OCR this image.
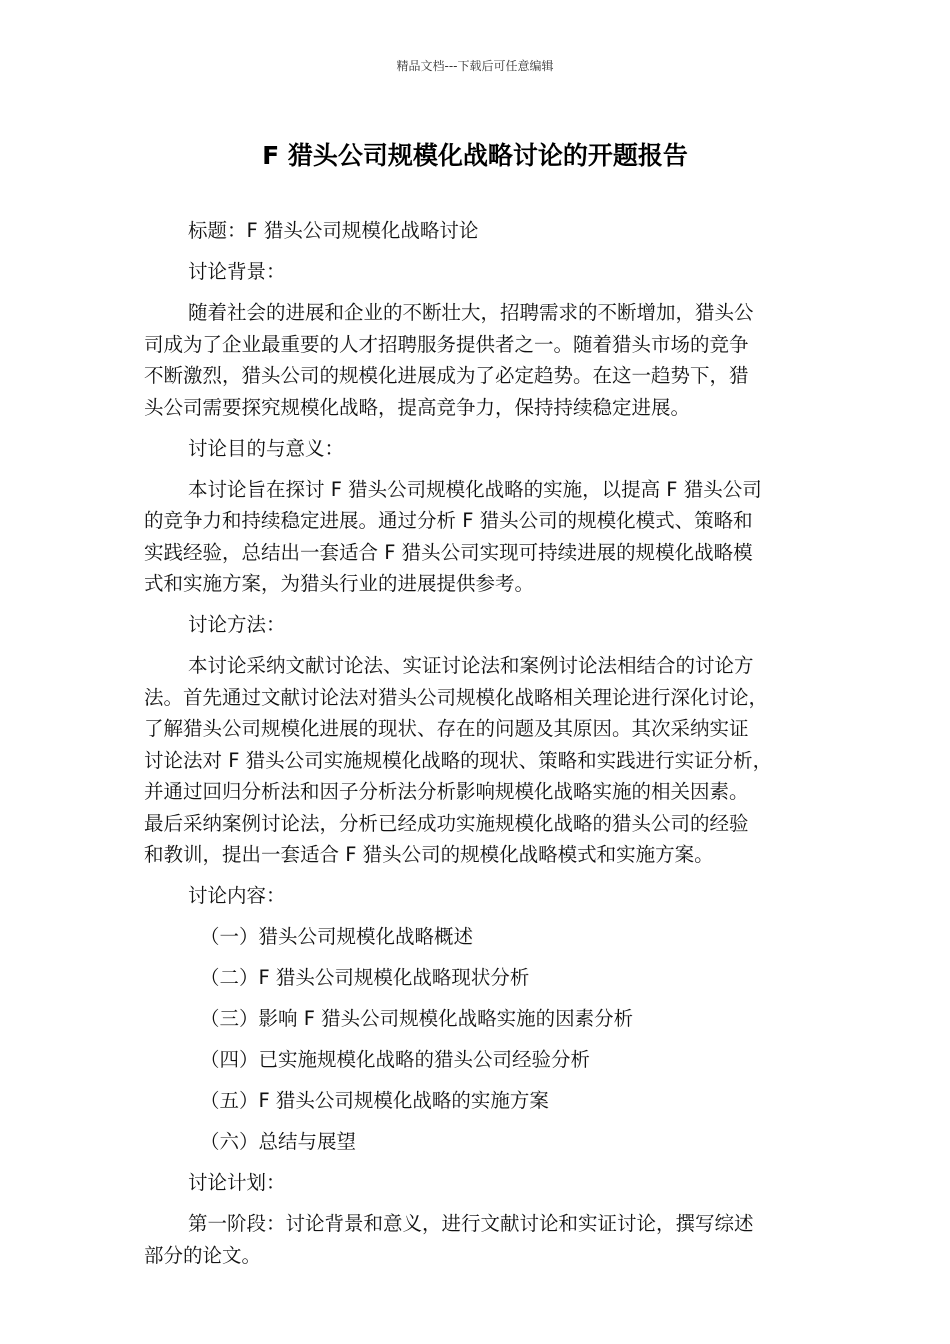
精品文档---下载后可任意编辑
F 猎头公司规模化战略讨论的开题报告
标题：F 猎头公司规模化战略讨论
讨论背景：
随着社会的进展和企业的不断壮大，招聘需求的不断增加，猎头公
司成为了企业最重要的人才招聘服务提供者之一。随着猎头市场的竞争
不断激烈，猎头公司的规模化进展成为了必定趋势。在这一趋势下，猎
头公司需要探究规模化战略，提高竞争力，保持持续稳定进展。
讨论目的与意义：
本讨论旨在探讨 F 猎头公司规模化战略的实施，以提高 F 猎头公司
的竞争力和持续稳定进展。通过分析 F 猎头公司的规模化模式、策略和
实践经验，总结出一套适合 F 猎头公司实现可持续进展的规模化战略模
式和实施方案，为猎头行业的进展提供参考。
讨论方法：
本讨论采纳文献讨论法、实证讨论法和案例讨论法相结合的讨论方
法。首先通过文献讨论法对猎头公司规模化战略相关理论进行深化讨论，
了解猎头公司规模化进展的现状、存在的问题及其原因。其次采纳实证
讨论法对 F 猎头公司实施规模化战略的现状、策略和实践进行实证分析，
并通过回归分析法和因子分析法分析影响规模化战略实施的相关因素。
最后采纳案例讨论法，分析已经成功实施规模化战略的猎头公司的经验
和教训，提出一套适合 F 猎头公司的规模化战略模式和实施方案。
讨论内容：
（一）猎头公司规模化战略概述
（二）F 猎头公司规模化战略现状分析
（三）影响 F 猎头公司规模化战略实施的因素分析
（四）已实施规模化战略的猎头公司经验分析
（五）F 猎头公司规模化战略的实施方案
（六）总结与展望
讨论计划：
第一阶段：讨论背景和意义，进行文献讨论和实证讨论，撰写综述
部分的论文。
